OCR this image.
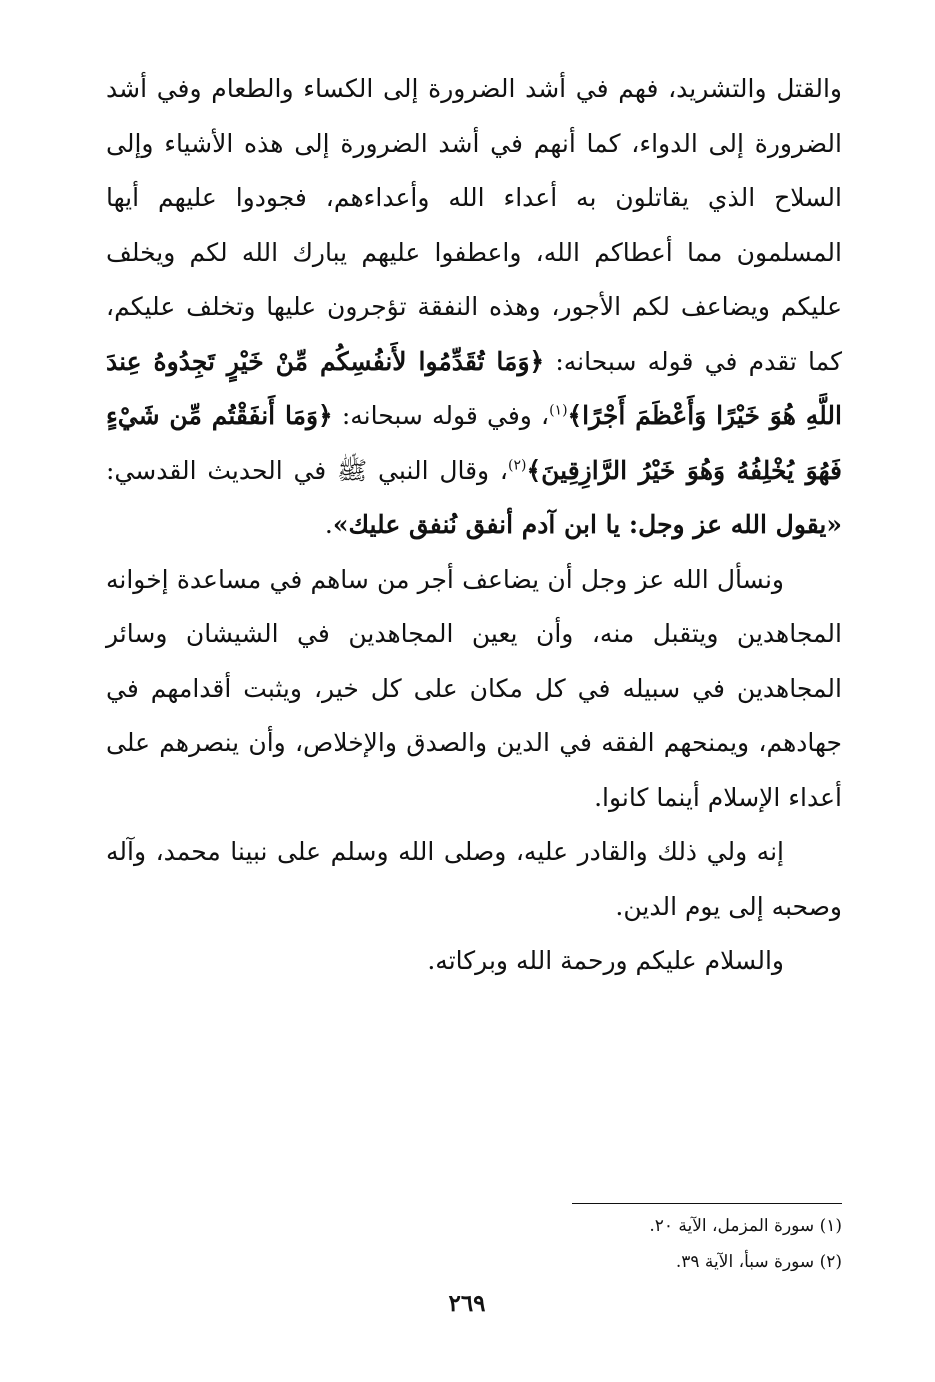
والقتل والتشريد، فهم في أشد الضرورة إلى الكساء والطعام وفي أشد الضرورة إلى الدواء، كما أنهم في أشد الضرورة إلى هذه الأشياء وإلى السلاح الذي يقاتلون به أعداء الله وأعداءهم، فجودوا عليهم أيها المسلمون مما أعطاكم الله، واعطفوا عليهم يبارك الله لكم ويخلف عليكم ويضاعف لكم الأجور، وهذه النفقة تؤجرون عليها وتخلف عليكم، كما تقدم في قوله سبحانه: ﴿وَمَا تُقَدِّمُوا لأَنفُسِكُم مِّنْ خَيْرٍ تَجِدُوهُ عِندَ اللَّهِ هُوَ خَيْرًا وَأَعْظَمَ أَجْرًا﴾$^{(١)}$، وفي قوله سبحانه: ﴿وَمَا أَنفَقْتُم مِّن شَيْءٍ فَهُوَ يُخْلِفُهُ وَهُوَ خَيْرُ الرَّازِقِينَ﴾$^{(٢)}$، وقال النبي ﷺ في الحديث القدسي: «يقول الله عز وجل: يا ابن آدم أنفق نُنفق عليك».

ونسأل الله عز وجل أن يضاعف أجر من ساهم في مساعدة إخوانه المجاهدين ويتقبل منه، وأن يعين المجاهدين في الشيشان وسائر المجاهدين في سبيله في كل مكان على كل خير، ويثبت أقدامهم في جهادهم، ويمنحهم الفقه في الدين والصدق والإخلاص، وأن ينصرهم على أعداء الإسلام أينما كانوا.

إنه ولي ذلك والقادر عليه، وصلى الله وسلم على نبينا محمد، وآله وصحبه إلى يوم الدين.

والسلام عليكم ورحمة الله وبركاته.

(١) سورة المزمل، الآية ٢٠.

(٢) سورة سبأ، الآية ٣٩.

٢٦٩
